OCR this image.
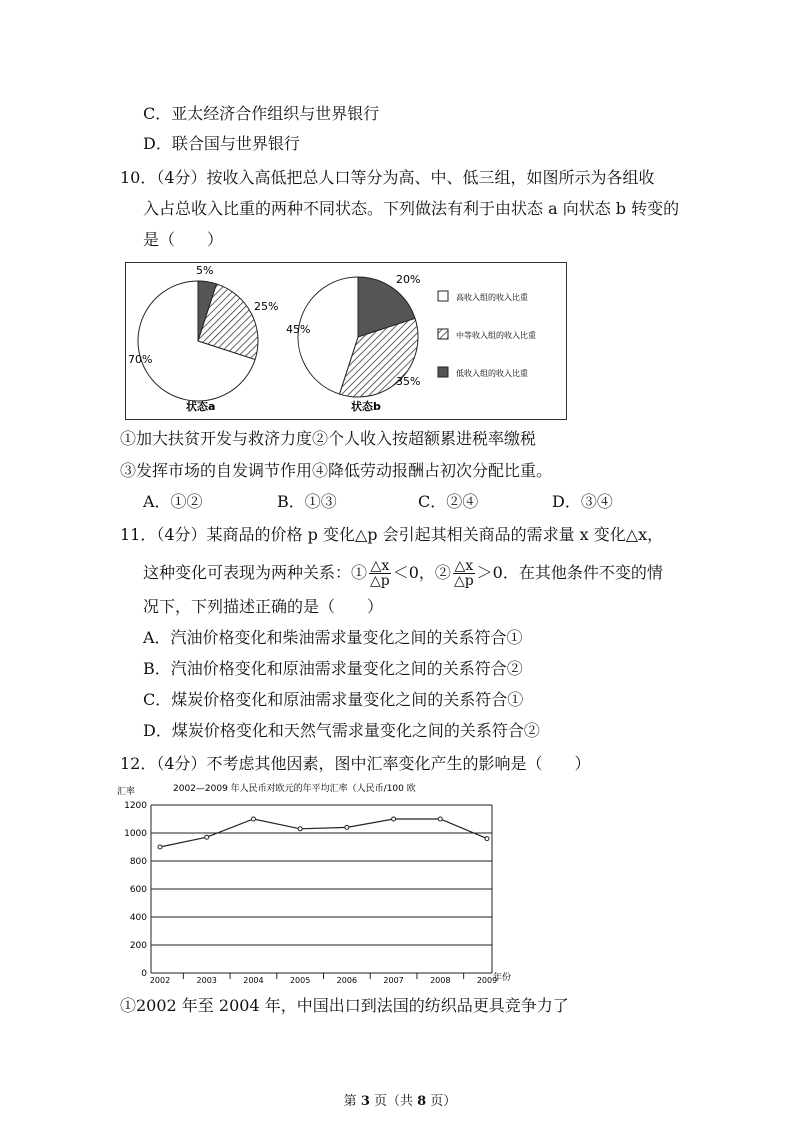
C．亚太经济合作组织与世界银行
D．联合国与世界银行
10．（4分）按收入高低把总人口等分为高、中、低三组，如图所示为各组收
入占总收入比重的两种不同状态。下列做法有利于由状态 a 向状态 b 转变的
是（　　）
70%
25%
5%
状态a
45%
35%
20%
状态b
高收入组的收入比重
中等收入组的收入比重
低收入组的收入比重
①加大扶贫开发与救济力度②个人收入按超额累进税率缴税
③发挥市场的自发调节作用④降低劳动报酬占初次分配比重。
A．①②	B．①③	C．②④	D．③④
11．（4分）某商品的价格 p 变化△p 会引起其相关商品的需求量 x 变化△x，
这种变化可表现为两种关系：① $\frac{\triangle x}{\triangle p} <0$，② $\frac{\triangle x}{\triangle p} >0$．在其他条件不变的情
况下，下列描述正确的是（　　）
A．汽油价格变化和柴油需求量变化之间的关系符合①
B．汽油价格变化和原油需求量变化之间的关系符合②
C．煤炭价格变化和原油需求量变化之间的关系符合①
D．煤炭价格变化和天然气需求量变化之间的关系符合②
12．（4分）不考虑其他因素，图中汇率变化产生的影响是（　　）
汇率	2002—2009 年人民币对欧元的年平均汇率（人民币/100 欧
年份
0
200
400
600
800
1000
1200
2002	2003	2004	2005	2006	2007	2008	2009
①2002 年至 2004 年，中国出口到法国的纺织品更具竞争力了
第 3 页（共 8 页）
